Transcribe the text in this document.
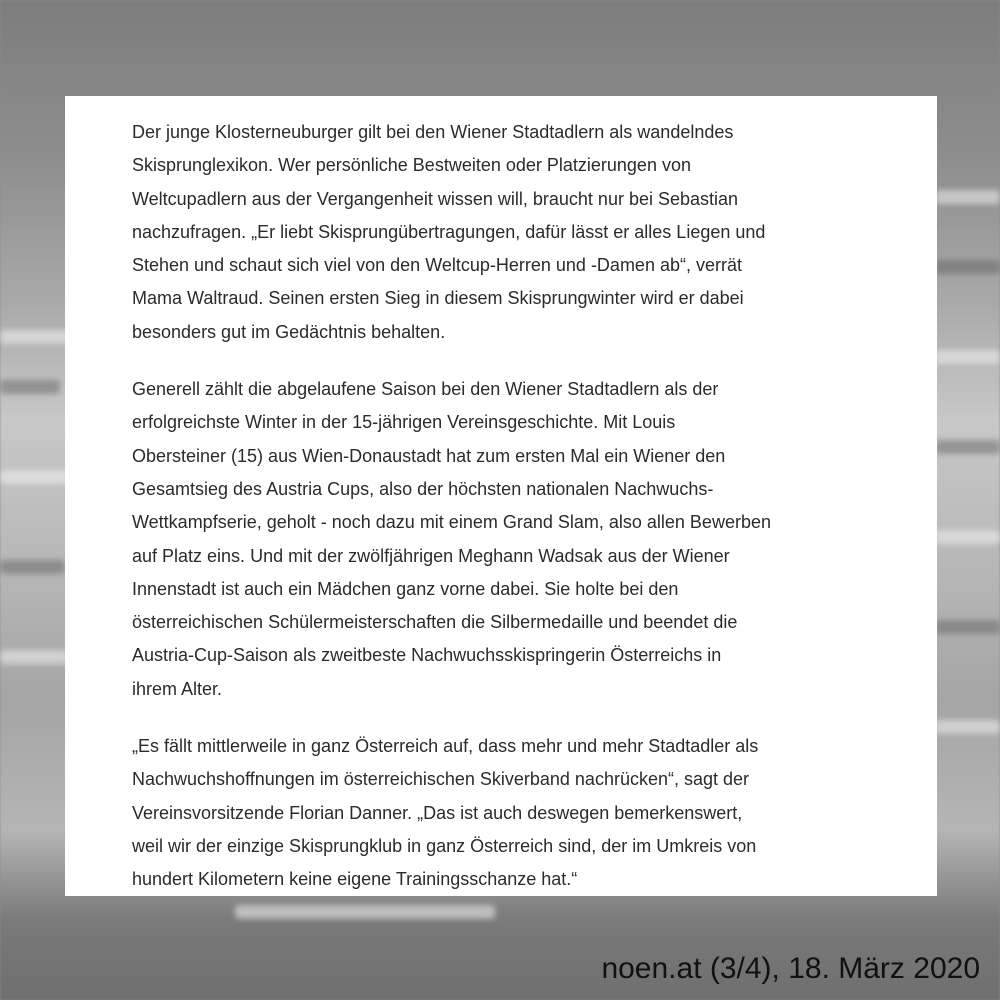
Der junge Klosterneuburger gilt bei den Wiener Stadtadlern als wandelndes
Skisprunglexikon. Wer persönliche Bestweiten oder Platzierungen von
Weltcupadlern aus der Vergangenheit wissen will, braucht nur bei Sebastian
nachzufragen. „Er liebt Skisprungübertragungen, dafür lässt er alles Liegen und
Stehen und schaut sich viel von den Weltcup-Herren und -Damen ab“, verrät
Mama Waltraud. Seinen ersten Sieg in diesem Skisprungwinter wird er dabei
besonders gut im Gedächtnis behalten.

Generell zählt die abgelaufene Saison bei den Wiener Stadtadlern als der
erfolgreichste Winter in der 15-jährigen Vereinsgeschichte. Mit Louis
Obersteiner (15) aus Wien-Donaustadt hat zum ersten Mal ein Wiener den
Gesamtsieg des Austria Cups, also der höchsten nationalen Nachwuchs-
Wettkampfserie, geholt - noch dazu mit einem Grand Slam, also allen Bewerben
auf Platz eins. Und mit der zwölfjährigen Meghann Wadsak aus der Wiener
Innenstadt ist auch ein Mädchen ganz vorne dabei. Sie holte bei den
österreichischen Schülermeisterschaften die Silbermedaille und beendet die
Austria-Cup-Saison als zweitbeste Nachwuchsskispringerin Österreichs in
ihrem Alter.

„Es fällt mittlerweile in ganz Österreich auf, dass mehr und mehr Stadtadler als
Nachwuchshoffnungen im österreichischen Skiverband nachrücken“, sagt der
Vereinsvorsitzende Florian Danner. „Das ist auch deswegen bemerkenswert,
weil wir der einzige Skisprungklub in ganz Österreich sind, der im Umkreis von
hundert Kilometern keine eigene Trainingsschanze hat.“

noen.at (3/4), 18. März 2020
